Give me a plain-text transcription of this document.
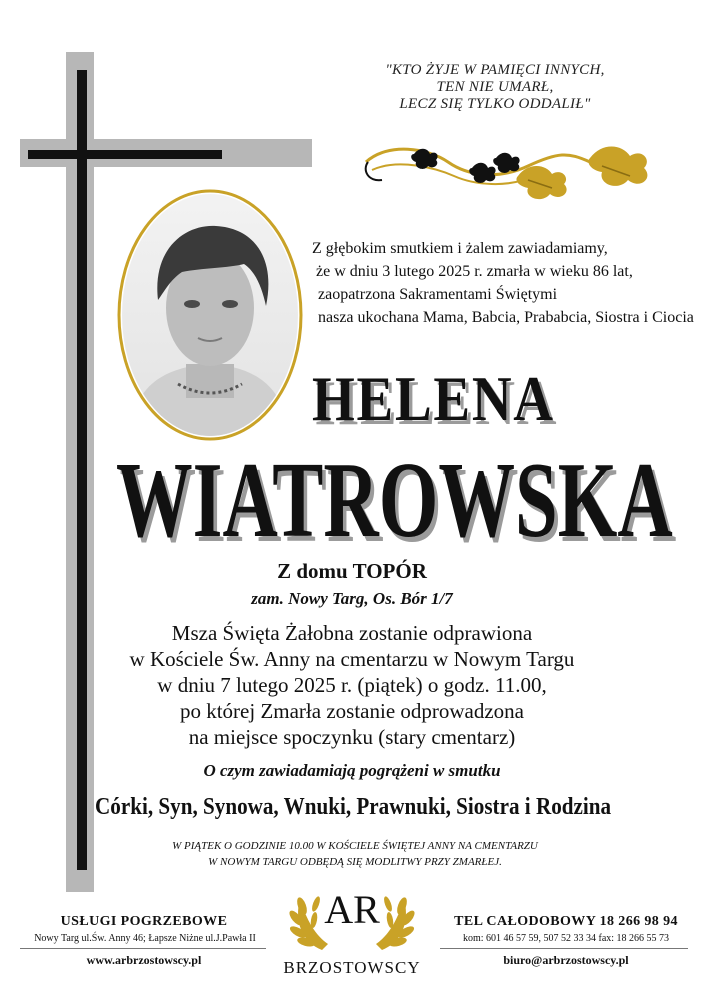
"KTO ŻYJE W PAMIĘCI INNYCH,
TEN NIE UMARŁ,
LECZ SIĘ TYLKO ODDALIŁ"
Z głębokim smutkiem i żalem zawiadamiamy,
że w dniu 3 lutego 2025 r. zmarła w wieku 86 lat,
zaopatrzona Sakramentami Świętymi
nasza ukochana Mama, Babcia, Prababcia, Siostra i Ciocia
HELENA
WIATROWSKA
Z domu TOPÓR
zam. Nowy Targ, Os. Bór 1/7
Msza Święta Żałobna zostanie odprawiona
w Kościele Św. Anny na cmentarzu w Nowym Targu
w dniu 7 lutego 2025 r. (piątek) o godz. 11.00,
po której Zmarła zostanie odprowadzona
na miejsce spoczynku (stary cmentarz)
O czym zawiadamiają pogrążeni w smutku
Córki, Syn, Synowa, Wnuki, Prawnuki, Siostra i Rodzina
W PIĄTEK O GODZINIE 10.00 W KOŚCIELE ŚWIĘTEJ ANNY NA CMENTARZU
W NOWYM TARGU ODBĘDĄ SIĘ MODLITWY PRZY ZMARŁEJ.
USŁUGI POGRZEBOWE
Nowy Targ ul.Św. Anny 46; Łapsze Niżne ul.J.Pawła II
www.arbrzostowscy.pl
AR
BRZOSTOWSCY
TEL CAŁODOBOWY 18 266 98 94
kom: 601 46 57 59, 507 52 33 34 fax: 18 266 55 73
biuro@arbrzostowscy.pl
